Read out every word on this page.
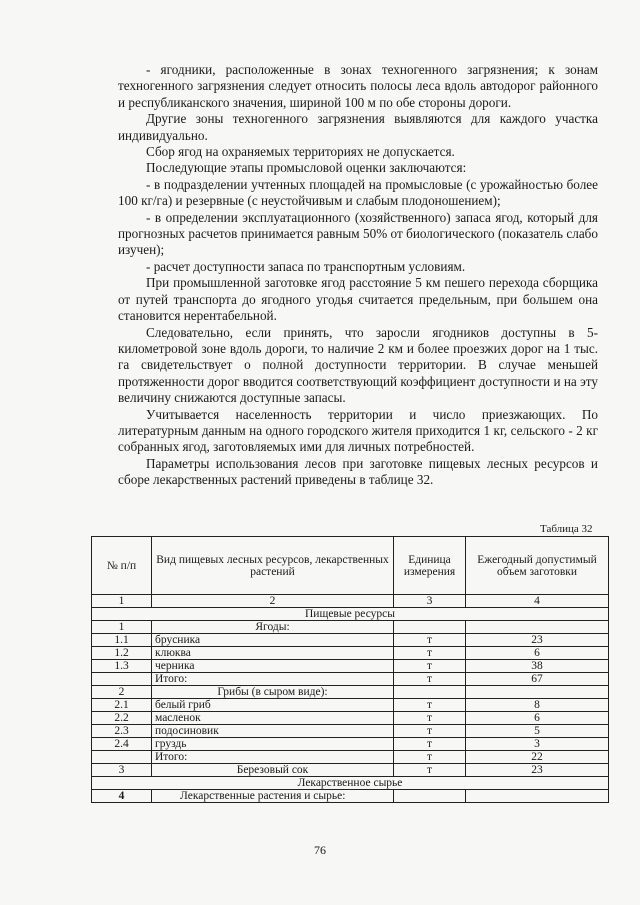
- ягодники, расположенные в зонах техногенного загрязнения; к зонам техногенного загрязнения следует относить полосы леса вдоль автодорог районного и республиканского значения, шириной 100 м по обе стороны дороги.

Другие зоны техногенного загрязнения выявляются для каждого участка индивидуально.

Сбор ягод на охраняемых территориях не допускается.

Последующие этапы промысловой оценки заключаются:

- в подразделении учтенных площадей на промысловые (с урожайностью более 100 кг/га) и резервные (с неустойчивым и слабым плодоношением);

- в определении эксплуатационного (хозяйственного) запаса ягод, который для прогнозных расчетов принимается равным 50% от биологического (показатель слабо изучен);

- расчет доступности запаса по транспортным условиям.

При промышленной заготовке ягод расстояние 5 км пешего перехода сборщика от путей транспорта до ягодного угодья считается предельным, при большем она становится нерентабельной.

Следовательно, если принять, что заросли ягодников доступны в 5-километровой зоне вдоль дороги, то наличие 2 км и более проезжих дорог на 1 тыс. га свидетельствует о полной доступности территории. В случае меньшей протяженности дорог вводится соответствующий коэффициент доступности и на эту величину снижаются доступные запасы.

Учитывается населенность территории и число приезжающих. По литературным данным на одного городского жителя приходится 1 кг, сельского - 2 кг собранных ягод, заготовляемых ими для личных потребностей.

Параметры использования лесов при заготовке пищевых лесных ресурсов и сборе лекарственных растений приведены в таблице 32.

Таблица 32
№ п/п	Вид пищевых лесных ресурсов, лекарственных растений	Единица измерения	Ежегодный допустимый объем заготовки
1	2	3	4
Пищевые ресурсы			
1	Ягоды:		
1.1	брусника	т	23
1.2	клюква	т	6
1.3	черника	т	38
	Итого:	т	67
2	Грибы (в сыром виде):		
2.1	белый гриб	т	8
2.2	масленок	т	6
2.3	подосиновик	т	5
2.4	груздь	т	3
	Итого:	т	22
3	Березовый сок	т	23
Лекарственное сырье			
4	Лекарственные растения и сырье:		
76
